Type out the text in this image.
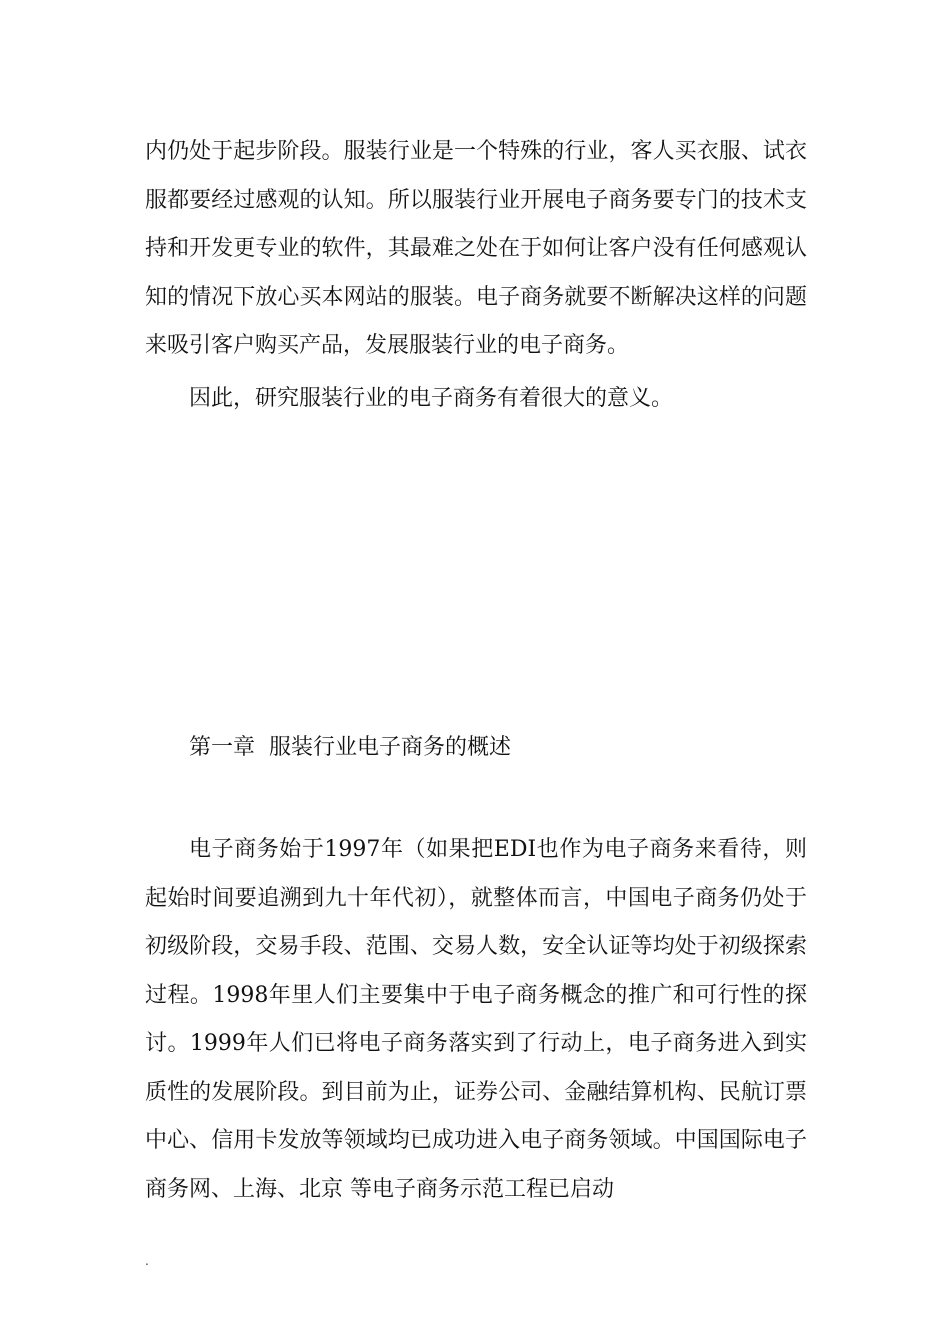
内仍处于起步阶段。服装行业是一个特殊的行业，客人买衣服、试衣服都要经过感观的认知。所以服装行业开展电子商务要专门的技术支持和开发更专业的软件，其最难之处在于如何让客户没有任何感观认知的情况下放心买本网站的服装。电子商务就要不断解决这样的问题来吸引客户购买产品，发展服装行业的电子商务。

因此，研究服装行业的电子商务有着很大的意义。

第一章  服装行业电子商务的概述

电子商务始于1997年（如果把EDI也作为电子商务来看待，则起始时间要追溯到九十年代初），就整体而言，中国电子商务仍处于初级阶段，交易手段、范围、交易人数，安全认证等均处于初级探索过程。1998年里人们主要集中于电子商务概念的推广和可行性的探讨。1999年人们已将电子商务落实到了行动上，电子商务进入到实质性的发展阶段。到目前为止，证券公司、金融结算机构、民航订票中心、信用卡发放等领域均已成功进入电子商务领域。中国国际电子商务网、上海、北京 等电子商务示范工程已启动

.
